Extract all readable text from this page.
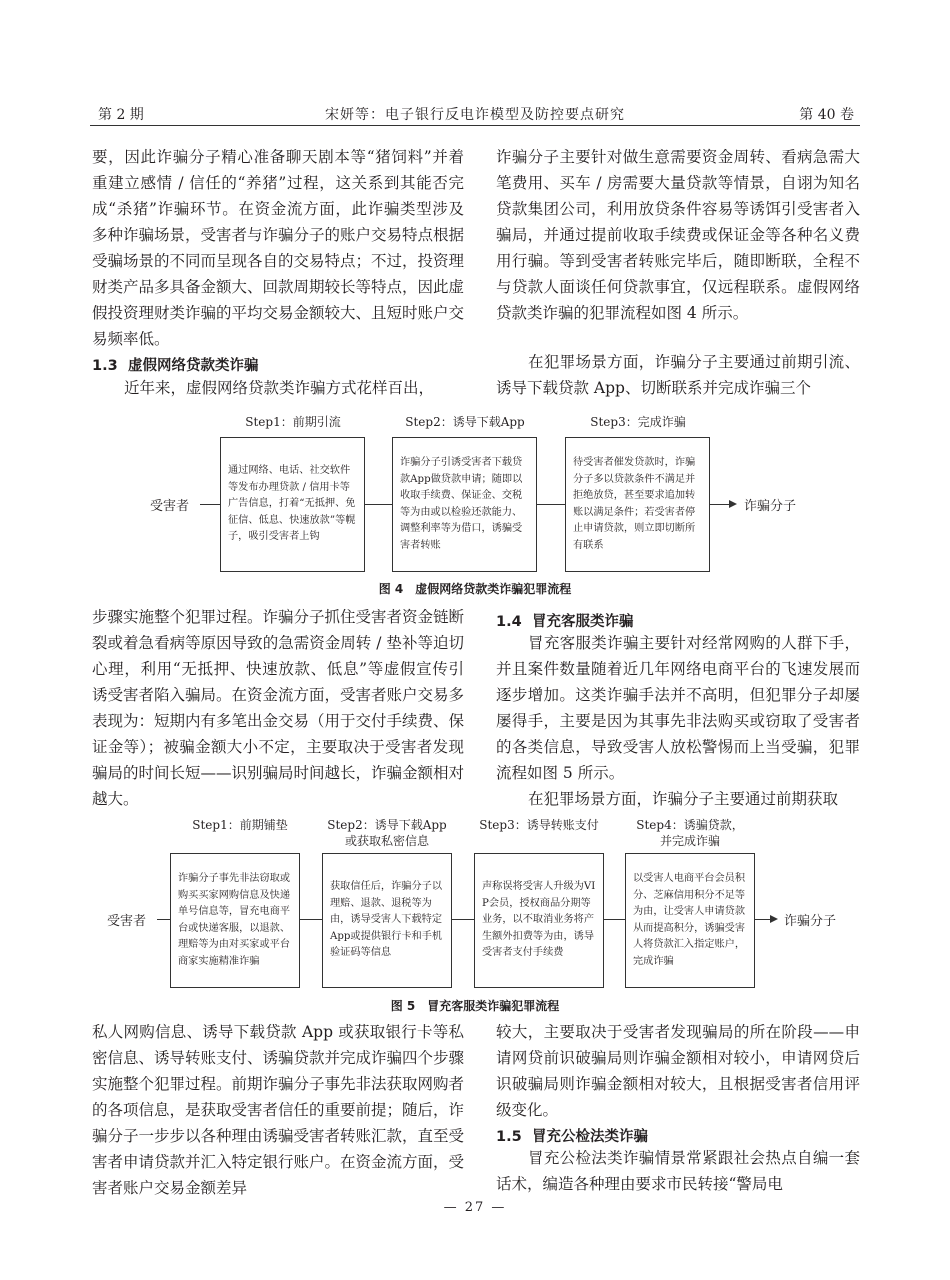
第 2 期	宋妍等：电子银行反电诈模型及防控要点研究	第 40 卷
要，因此诈骗分子精心准备聊天剧本等“猪饲料”并着重建立感情 / 信任的“养猪”过程，这关系到其能否完成“杀猪”诈骗环节。在资金流方面，此诈骗类型涉及多种诈骗场景，受害者与诈骗分子的账户交易特点根据受骗场景的不同而呈现各自的交易特点；不过，投资理财类产品多具备金额大、回款周期较长等特点，因此虚假投资理财类诈骗的平均交易金额较大、且短时账户交易频率低。
1.3 虚假网络贷款类诈骗
近年来，虚假网络贷款类诈骗方式花样百出，
诈骗分子主要针对做生意需要资金周转、看病急需大笔费用、买车 / 房需要大量贷款等情景，自诩为知名贷款集团公司，利用放贷条件容易等诱饵引受害者入骗局，并通过提前收取手续费或保证金等各种名义费用行骗。等到受害者转账完毕后，随即断联，全程不与贷款人面谈任何贷款事宜，仅远程联系。虚假网络贷款类诈骗的犯罪流程如图 4 所示。
在犯罪场景方面，诈骗分子主要通过前期引流、诱导下载贷款 App、切断联系并完成诈骗三个
Step1：前期引流	Step2：诱导下载App	Step3：完成诈骗
通过网络、电话、社交软件等发布办理贷款 / 信用卡等广告信息，打着“无抵押、免征信、低息、快速放款”等幌子，吸引受害者上钩
诈骗分子引诱受害者下载贷款App做贷款申请；随即以收取手续费、保证金、交税等为由或以检验还款能力、调整利率等为借口，诱骗受害者转账
待受害者催发贷款时，诈骗分子多以贷款条件不满足并拒绝放贷，甚至要求追加转账以满足条件；若受害者停止申请贷款，则立即切断所有联系
受害者	诈骗分子
图 4　虚假网络贷款类诈骗犯罪流程
步骤实施整个犯罪过程。诈骗分子抓住受害者资金链断裂或着急看病等原因导致的急需资金周转 / 垫补等迫切心理，利用“无抵押、快速放款、低息”等虚假宣传引诱受害者陷入骗局。在资金流方面，受害者账户交易多表现为：短期内有多笔出金交易（用于交付手续费、保证金等）；被骗金额大小不定，主要取决于受害者发现骗局的时间长短——识别骗局时间越长，诈骗金额相对越大。
1.4 冒充客服类诈骗
冒充客服类诈骗主要针对经常网购的人群下手，并且案件数量随着近几年网络电商平台的飞速发展而逐步增加。这类诈骗手法并不高明，但犯罪分子却屡屡得手，主要是因为其事先非法购买或窃取了受害者的各类信息，导致受害人放松警惕而上当受骗，犯罪流程如图 5 所示。
在犯罪场景方面，诈骗分子主要通过前期获取
Step1：前期铺垫	Step2：诱导下载App
或获取私密信息
Step3：诱导转账支付	Step4：诱骗贷款，
并完成诈骗
诈骗分子事先非法窃取或购买买家网购信息及快递单号信息等，冒充电商平台或快递客服，以退款、理赔等为由对买家或平台商家实施精准诈骗
获取信任后，诈骗分子以理赔、退款、退税等为由，诱导受害人下载特定App或提供银行卡和手机验证码等信息
声称误将受害人升级为VIP会员，授权商品分期等业务，以不取消业务将产生额外扣费等为由，诱导受害者支付手续费
以受害人电商平台会员积分、芝麻信用积分不足等为由，让受害人申请贷款从而提高积分，诱骗受害人将贷款汇入指定账户，完成诈骗
受害者	诈骗分子
图 5　冒充客服类诈骗犯罪流程
私人网购信息、诱导下载贷款 App 或获取银行卡等私密信息、诱导转账支付、诱骗贷款并完成诈骗四个步骤实施整个犯罪过程。前期诈骗分子事先非法获取网购者的各项信息，是获取受害者信任的重要前提；随后，诈骗分子一步步以各种理由诱骗受害者转账汇款，直至受害者申请贷款并汇入特定银行账户。在资金流方面，受害者账户交易金额差异
较大，主要取决于受害者发现骗局的所在阶段——申请网贷前识破骗局则诈骗金额相对较小，申请网贷后识破骗局则诈骗金额相对较大，且根据受害者信用评级变化。
1.5 冒充公检法类诈骗
冒充公检法类诈骗情景常紧跟社会热点自编一套话术，编造各种理由要求市民转接“警局电
— 27 —
